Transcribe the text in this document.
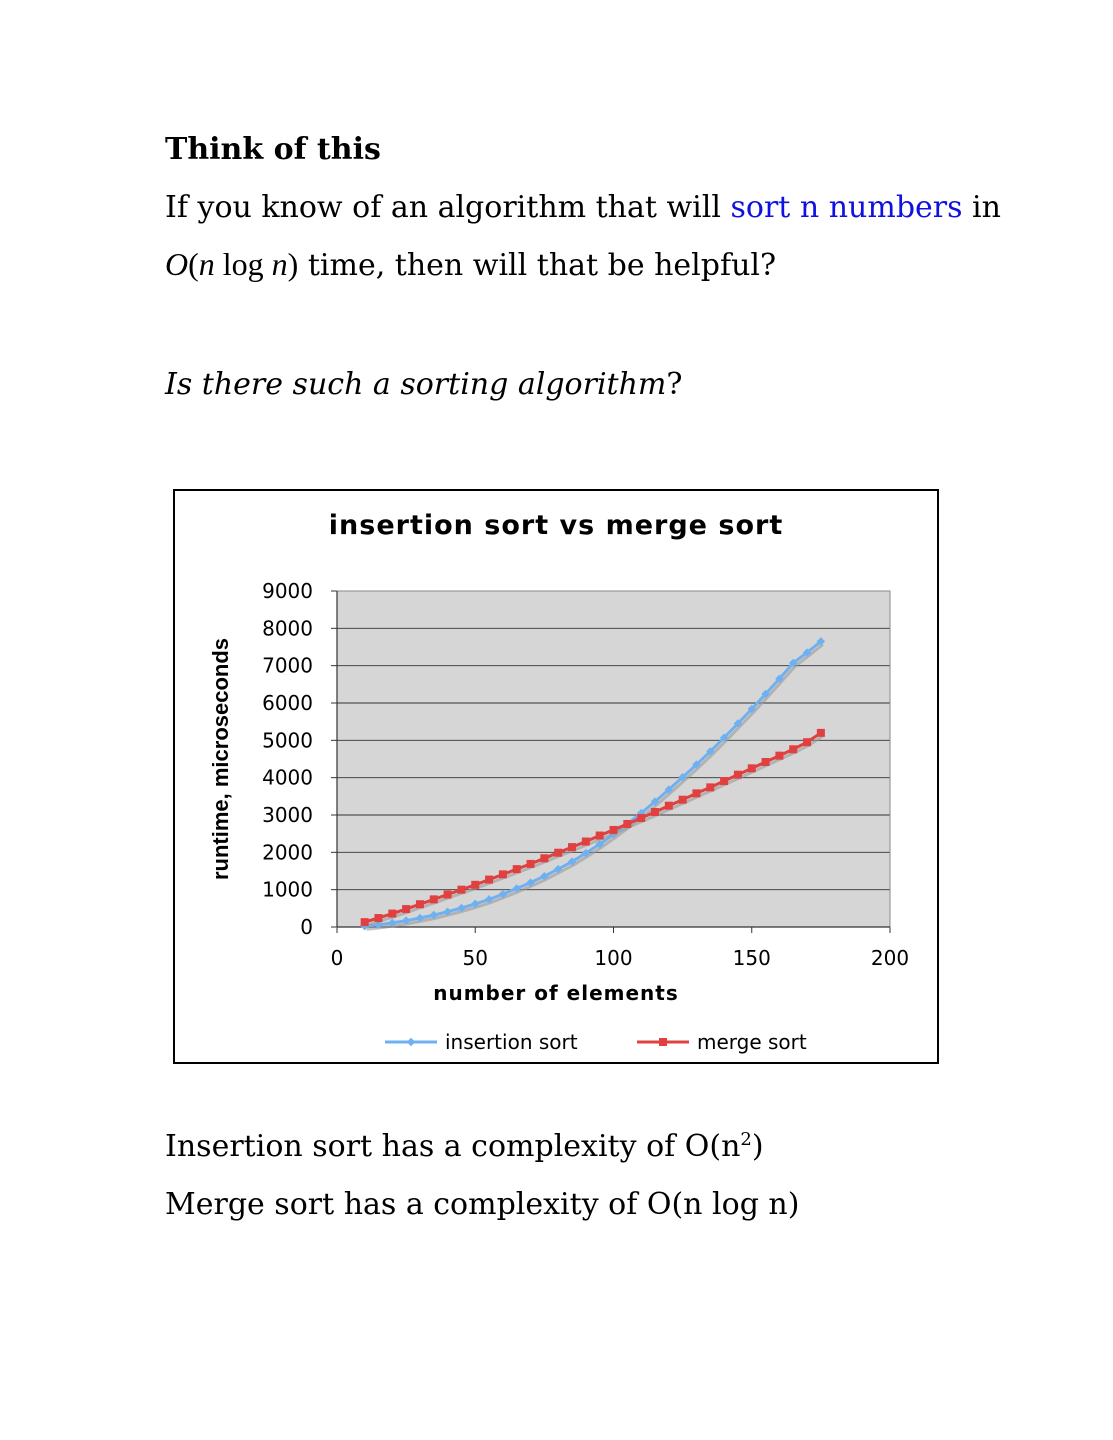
Think of this
If you know of an algorithm that will sort n numbers in
O(n log n) time, then will that be helpful?
Is there such a sorting algorithm?
insertion sort vs merge sort
0
1000
2000
3000
4000
5000
6000
7000
8000
9000
0	50	100	150	200
number of elements
runtime, microseconds
insertion sort	merge sort
Insertion sort has a complexity of $O(n^2)$
Merge sort has a complexity of O(n log n)
